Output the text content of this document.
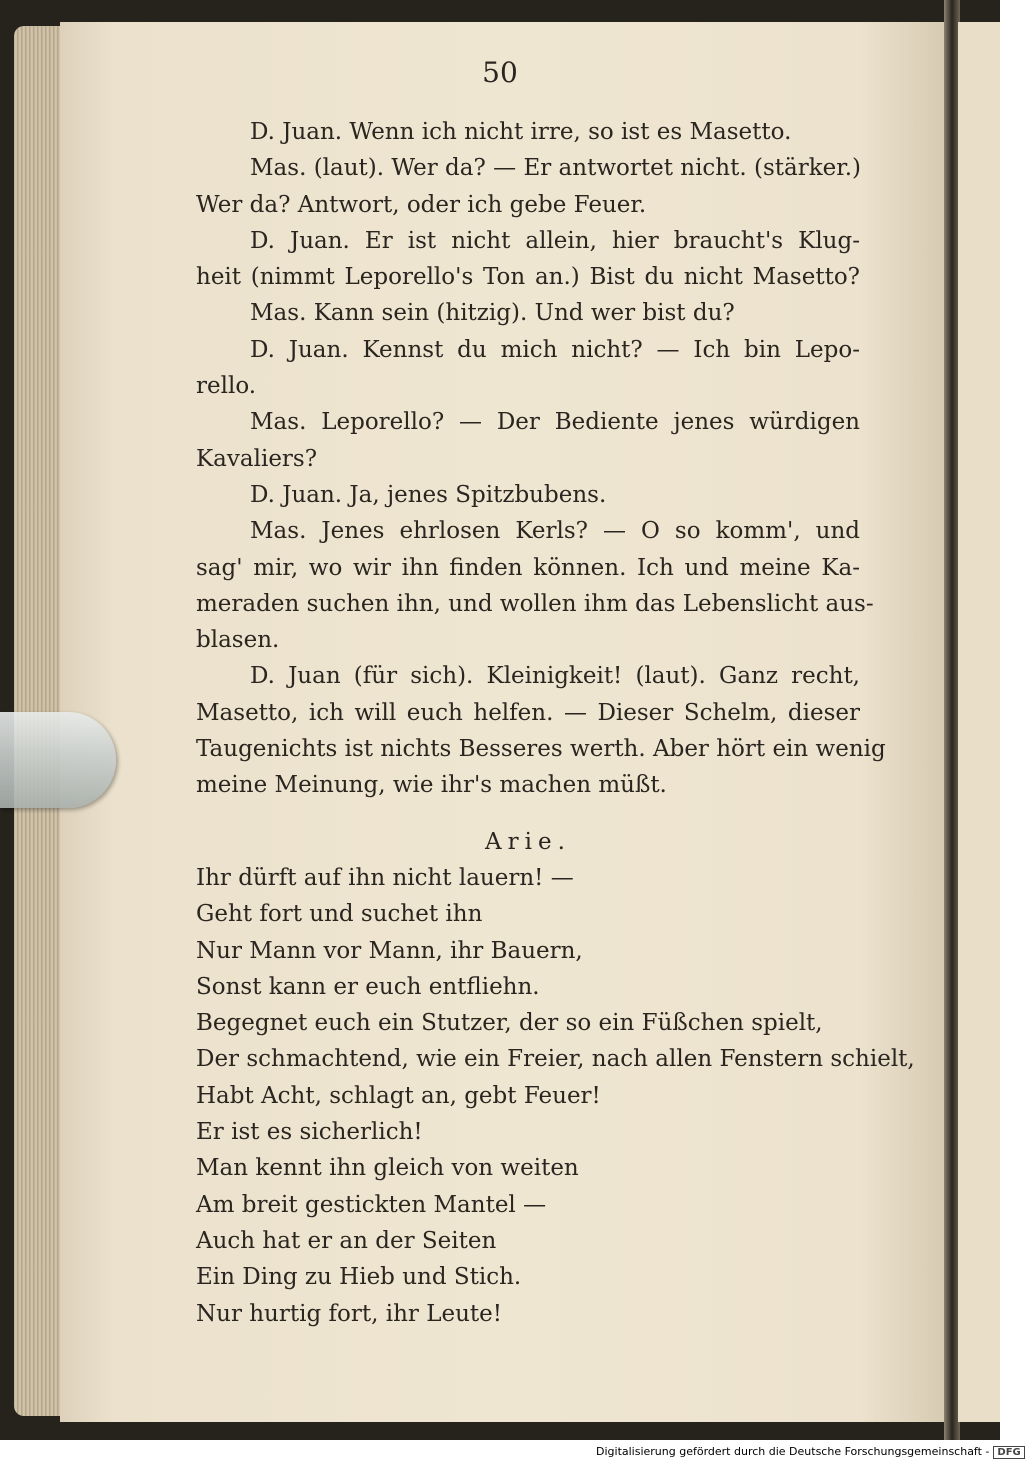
50
D. Juan. Wenn ich nicht irre, so ist es Masetto.
Mas. (laut). Wer da? — Er antwortet nicht. (stärker.)
Wer da? Antwort, oder ich gebe Feuer.
D. Juan. Er ist nicht allein, hier braucht's Klug-
heit (nimmt Leporello's Ton an.) Bist du nicht Masetto?
Mas. Kann sein (hitzig). Und wer bist du?
D. Juan. Kennst du mich nicht? — Ich bin Lepo-
rello.
Mas. Leporello? — Der Bediente jenes würdigen
Kavaliers?
D. Juan. Ja, jenes Spitzbubens.
Mas. Jenes ehrlosen Kerls? — O so komm', und
sag' mir, wo wir ihn finden können. Ich und meine Ka-
meraden suchen ihn, und wollen ihm das Lebenslicht aus-
blasen.
D. Juan (für sich). Kleinigkeit! (laut). Ganz recht,
Masetto, ich will euch helfen. — Dieser Schelm, dieser
Taugenichts ist nichts Besseres werth. Aber hört ein wenig
meine Meinung, wie ihr's machen müßt.
Arie.
Ihr dürft auf ihn nicht lauern! —
Geht fort und suchet ihn
Nur Mann vor Mann, ihr Bauern,
Sonst kann er euch entfliehn.
Begegnet euch ein Stutzer, der so ein Füßchen spielt,
Der schmachtend, wie ein Freier, nach allen Fenstern schielt,
Habt Acht, schlagt an, gebt Feuer!
Er ist es sicherlich!
Man kennt ihn gleich von weiten
Am breit gestickten Mantel —
Auch hat er an der Seiten
Ein Ding zu Hieb und Stich.
Nur hurtig fort, ihr Leute!
Digitalisierung gefördert durch die Deutsche Forschungsgemeinschaft - DFG
